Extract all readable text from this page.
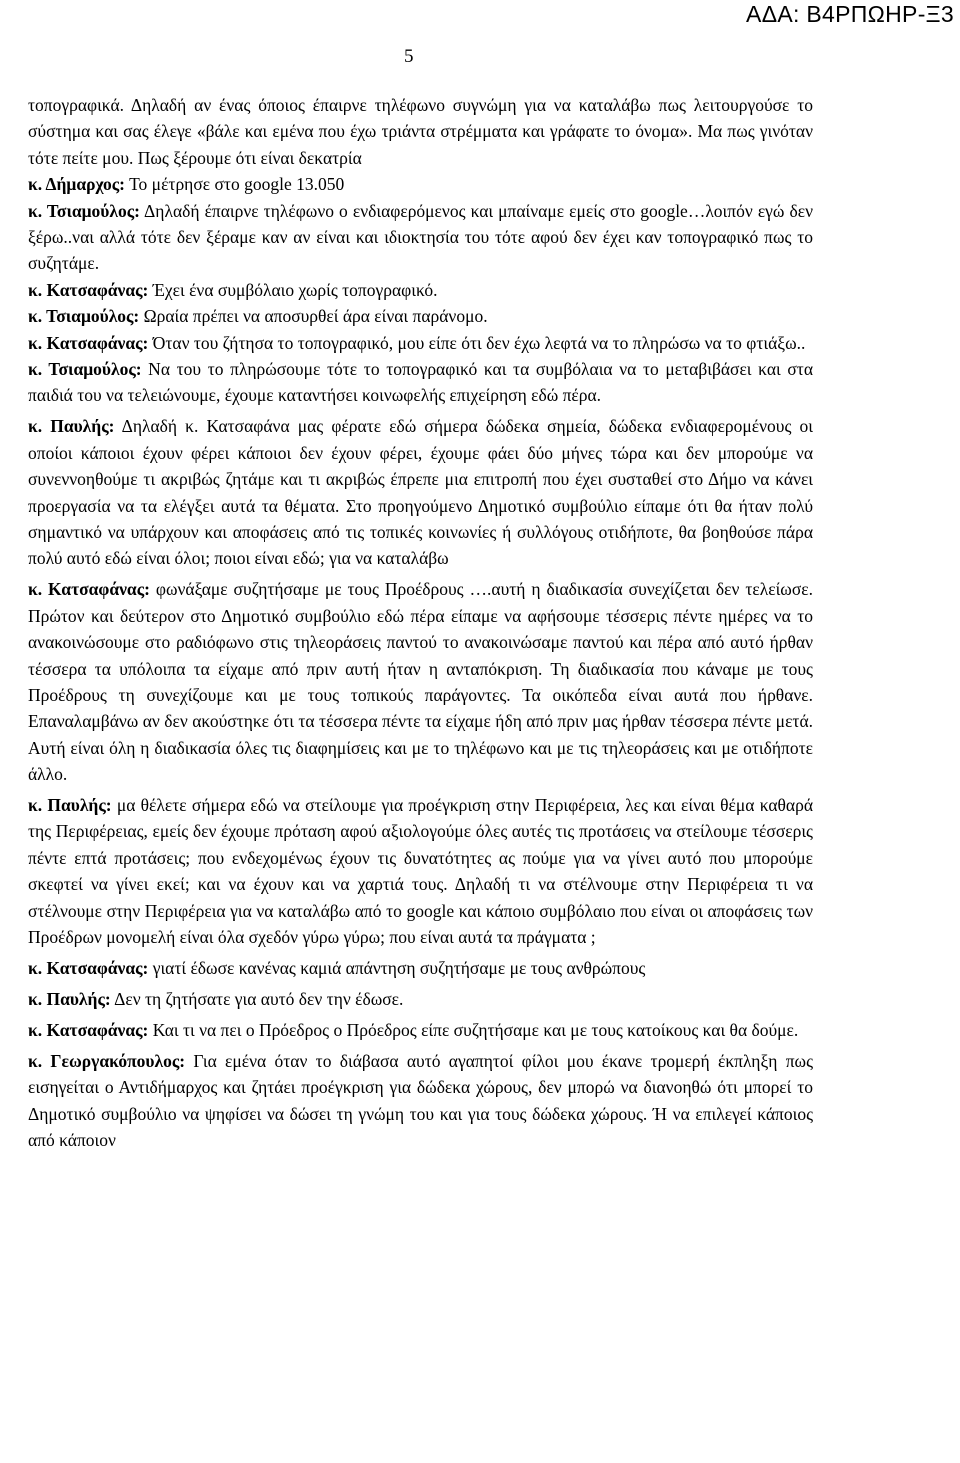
ΑΔΑ: Β4ΡΠΩΗΡ-Ξ3
5

τοπογραφικά. Δηλαδή αν ένας όποιος έπαιρνε τηλέφωνο συγνώμη για να καταλάβω πως λειτουργούσε το σύστημα και σας έλεγε «βάλε και εμένα που έχω τριάντα στρέμματα και γράφατε το όνομα». Μα πως γινόταν τότε πείτε μου. Πως ξέρουμε ότι είναι δεκατρία

κ. Δήμαρχος: Το μέτρησε στο google 13.050

κ. Τσιαμούλος: Δηλαδή έπαιρνε τηλέφωνο ο ενδιαφερόμενος και μπαίναμε εμείς στο google…λοιπόν εγώ δεν ξέρω..ναι αλλά τότε δεν ξέραμε καν αν είναι και ιδιοκτησία του τότε αφού δεν έχει καν τοπογραφικό πως το συζητάμε.

κ. Κατσαφάνας: Έχει ένα συμβόλαιο χωρίς τοπογραφικό.

κ. Τσιαμούλος: Ωραία πρέπει να αποσυρθεί άρα είναι παράνομο.

κ. Κατσαφάνας: Όταν του ζήτησα το τοπογραφικό, μου είπε ότι δεν έχω λεφτά να το πληρώσω να το φτιάξω..

κ. Τσιαμούλος: Να του το πληρώσουμε τότε το τοπογραφικό και τα συμβόλαια να το μεταβιβάσει και στα παιδιά του να τελειώνουμε, έχουμε καταντήσει κοινωφελής επιχείρηση εδώ πέρα.

κ. Παυλής: Δηλαδή κ. Κατσαφάνα μας φέρατε εδώ σήμερα δώδεκα σημεία, δώδεκα ενδιαφερομένους οι οποίοι κάποιοι έχουν φέρει κάποιοι δεν έχουν φέρει, έχουμε φάει δύο μήνες τώρα και δεν μπορούμε να συνεννοηθούμε τι ακριβώς ζητάμε και τι ακριβώς έπρεπε μια επιτροπή που έχει συσταθεί στο Δήμο να κάνει προεργασία να τα ελέγξει αυτά τα θέματα. Στο προηγούμενο Δημοτικό συμβούλιο είπαμε ότι θα ήταν πολύ σημαντικό να υπάρχουν και αποφάσεις από τις τοπικές κοινωνίες ή συλλόγους οτιδήποτε, θα βοηθούσε πάρα πολύ αυτό εδώ είναι όλοι; ποιοι είναι εδώ; για να καταλάβω

κ. Κατσαφάνας: φωνάξαμε συζητήσαμε με τους Προέδρους ….αυτή η διαδικασία συνεχίζεται δεν τελείωσε. Πρώτον και δεύτερον στο Δημοτικό συμβούλιο εδώ πέρα είπαμε να αφήσουμε τέσσερις πέντε ημέρες να το ανακοινώσουμε στο ραδιόφωνο στις τηλεοράσεις παντού το ανακοινώσαμε παντού και πέρα από αυτό ήρθαν τέσσερα τα υπόλοιπα τα είχαμε από πριν αυτή ήταν η ανταπόκριση. Τη διαδικασία που κάναμε με τους Προέδρους τη συνεχίζουμε και με τους τοπικούς παράγοντες. Τα οικόπεδα είναι αυτά που ήρθανε. Επαναλαμβάνω αν δεν ακούστηκε ότι τα τέσσερα πέντε τα είχαμε ήδη από πριν μας ήρθαν τέσσερα πέντε μετά. Αυτή είναι όλη η διαδικασία όλες τις διαφημίσεις και με το τηλέφωνο και με τις τηλεοράσεις και με οτιδήποτε άλλο.

κ. Παυλής: μα θέλετε σήμερα εδώ να στείλουμε για προέγκριση στην Περιφέρεια, λες και είναι θέμα καθαρά της Περιφέρειας, εμείς δεν έχουμε πρόταση αφού αξιολογούμε όλες αυτές τις προτάσεις να στείλουμε τέσσερις πέντε επτά προτάσεις; που ενδεχομένως έχουν τις δυνατότητες ας πούμε για να γίνει αυτό που μπορούμε σκεφτεί να γίνει εκεί; και να έχουν και να χαρτιά τους. Δηλαδή τι να στέλνουμε στην Περιφέρεια τι να στέλνουμε στην Περιφέρεια για να καταλάβω από το google και κάποιο συμβόλαιο που είναι οι αποφάσεις των Προέδρων μονομελή είναι όλα σχεδόν γύρω γύρω; που είναι αυτά τα πράγματα ;

κ. Κατσαφάνας: γιατί έδωσε κανένας καμιά απάντηση συζητήσαμε με τους ανθρώπους

κ. Παυλής: Δεν τη ζητήσατε για αυτό δεν την έδωσε.

κ. Κατσαφάνας: Και τι να πει ο Πρόεδρος ο Πρόεδρος είπε συζητήσαμε και με τους κατοίκους και θα δούμε.

κ. Γεωργακόπουλος: Για εμένα όταν το διάβασα αυτό αγαπητοί φίλοι μου έκανε τρομερή έκπληξη πως εισηγείται ο Αντιδήμαρχος και ζητάει προέγκριση για δώδεκα χώρους, δεν μπορώ να διανοηθώ ότι μπορεί το Δημοτικό συμβούλιο να ψηφίσει να δώσει τη γνώμη του και για τους δώδεκα χώρους. Ή να επιλεγεί κάποιος από κάποιον
